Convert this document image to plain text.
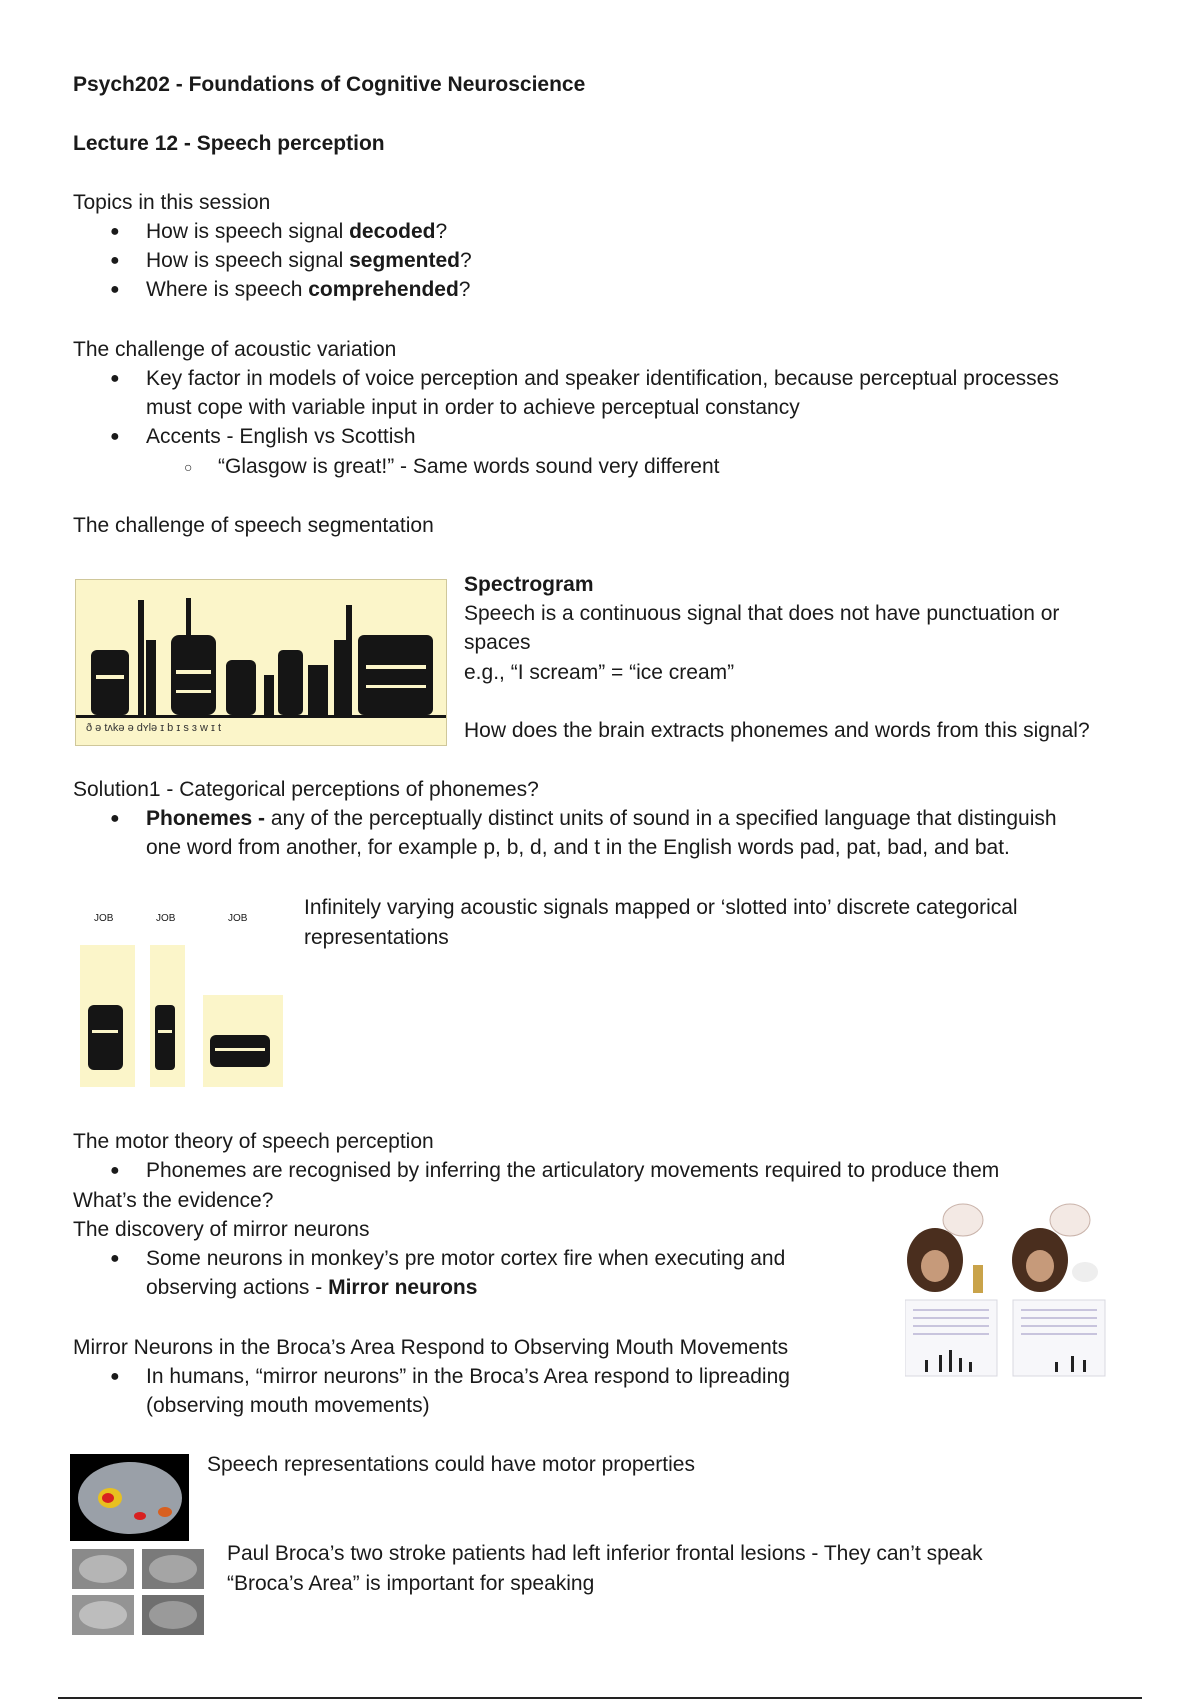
Psych202 - Foundations of Cognitive Neuroscience
Lecture 12 - Speech perception
Topics in this session
● How is speech signal decoded?
● How is speech signal segmented?
● Where is speech comprehended?
The challenge of acoustic variation
● Key factor in models of voice perception and speaker identification, because perceptual processes
must cope with variable input in order to achieve perceptual constancy
● Accents - English vs Scottish
○ “Glasgow is great!” - Same words sound very different
The challenge of speech segmentation
ð ə tʌkə ə dʏlə ɪ b ɪ s ɜ w ɪ t
Spectrogram
Speech is a continuous signal that does not have punctuation or
spaces
e.g., “I scream” = “ice cream”
How does the brain extracts phonemes and words from this signal?
Solution1 - Categorical perceptions of phonemes?
● Phonemes - any of the perceptually distinct units of sound in a specified language that distinguish
one word from another, for example p, b, d, and t in the English words pad, pat, bad, and bat.
JOB	JOB	JOB	Infinitely varying acoustic signals mapped or ‘slotted into’ discrete categorical
representations
The motor theory of speech perception
● Phonemes are recognised by inferring the articulatory movements required to produce them
What’s the evidence?
The discovery of mirror neurons
● Some neurons in monkey’s pre motor cortex fire when executing and
observing actions - Mirror neurons
Mirror Neurons in the Broca’s Area Respond to Observing Mouth Movements
● In humans, “mirror neurons” in the Broca’s Area respond to lipreading
(observing mouth movements)
Speech representations could have motor properties
Paul Broca’s two stroke patients had left inferior frontal lesions - They can’t speak
“Broca’s Area” is important for speaking
